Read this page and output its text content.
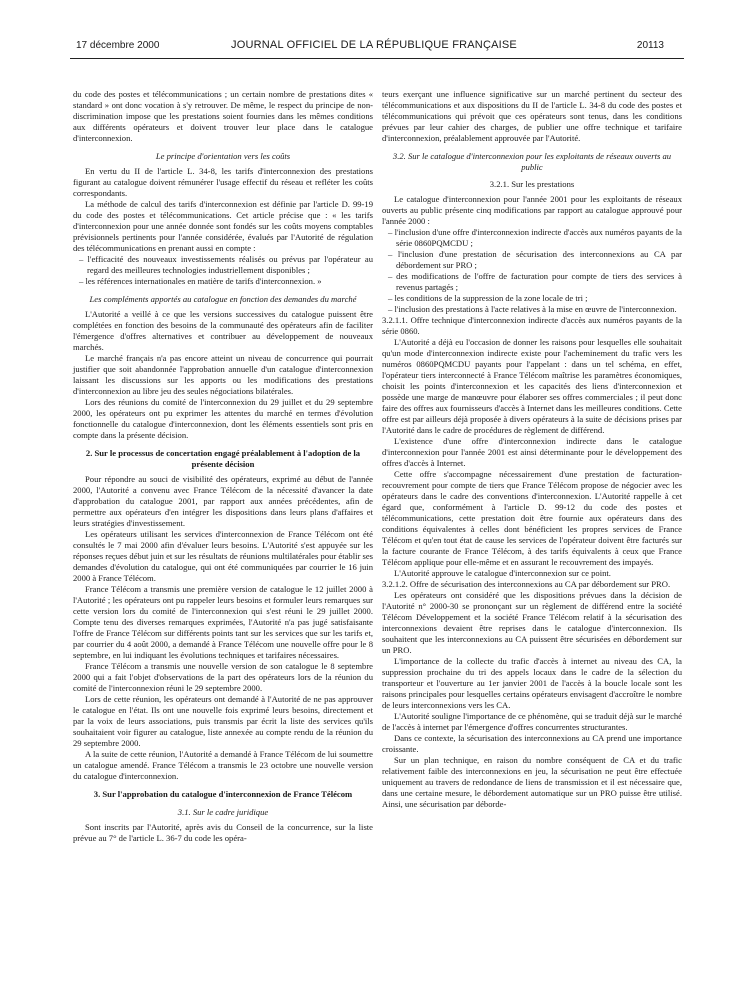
17 décembre 2000	JOURNAL OFFICIEL DE LA RÉPUBLIQUE FRANÇAISE	20113

du code des postes et télécommunications ; un certain nombre de prestations dites « standard » ont donc vocation à s'y retrouver. De même, le respect du principe de non-discrimination impose que les prestations soient fournies dans les mêmes conditions aux différents opérateurs et doivent trouver leur place dans le catalogue d'interconnexion.

Le principe d'orientation vers les coûts

En vertu du II de l'article L. 34-8, les tarifs d'interconnexion des prestations figurant au catalogue doivent rémunérer l'usage effectif du réseau et refléter les coûts correspondants.

La méthode de calcul des tarifs d'interconnexion est définie par l'article D. 99-19 du code des postes et télécommunications. Cet article précise que : « les tarifs d'interconnexion pour une année donnée sont fondés sur les coûts moyens comptables prévisionnels pertinents pour l'année considérée, évalués par l'Autorité de régulation des télécommunications en prenant aussi en compte :

– l'efficacité des nouveaux investissements réalisés ou prévus par l'opérateur au regard des meilleures technologies industriellement disponibles ;
– les références internationales en matière de tarifs d'interconnexion. »

Les compléments apportés au catalogue en fonction des demandes du marché

L'Autorité a veillé à ce que les versions successives du catalogue puissent être complétées en fonction des besoins de la communauté des opérateurs afin de faciliter l'émergence d'offres alternatives et contribuer au développement de nouveaux marchés.

Le marché français n'a pas encore atteint un niveau de concurrence qui pourrait justifier que soit abandonnée l'approbation annuelle d'un catalogue d'interconnexion laissant les discussions sur les apports ou les modifications des prestations d'interconnexion au libre jeu des seules négociations bilatérales.

Lors des réunions du comité de l'interconnexion du 29 juillet et du 29 septembre 2000, les opérateurs ont pu exprimer les attentes du marché en termes d'évolution fonctionnelle du catalogue d'interconnexion, dont les éléments essentiels sont pris en compte dans la présente décision.

2. Sur le processus de concertation engagé préalablement à l'adoption de la présente décision

Pour répondre au souci de visibilité des opérateurs, exprimé au début de l'année 2000, l'Autorité a convenu avec France Télécom de la nécessité d'avancer la date d'approbation du catalogue 2001, par rapport aux années précédentes, afin de permettre aux opérateurs d'en intégrer les dispositions dans leurs plans d'affaires et leurs stratégies d'investissement.

Les opérateurs utilisant les services d'interconnexion de France Télécom ont été consultés le 7 mai 2000 afin d'évaluer leurs besoins. L'Autorité s'est appuyée sur les réponses reçues début juin et sur les résultats de réunions multilatérales pour établir ses demandes d'évolution du catalogue, qui ont été communiquées par courrier le 16 juin 2000 à France Télécom.

France Télécom a transmis une première version de catalogue le 12 juillet 2000 à l'Autorité ; les opérateurs ont pu rappeler leurs besoins et formuler leurs remarques sur cette version lors du comité de l'interconnexion qui s'est réuni le 29 juillet 2000. Compte tenu des diverses remarques exprimées, l'Autorité n'a pas jugé satisfaisante l'offre de France Télécom sur différents points tant sur les services que sur les tarifs et, par courrier du 4 août 2000, a demandé à France Télécom une nouvelle offre pour le 8 septembre, en lui indiquant les évolutions techniques et tarifaires nécessaires.

France Télécom a transmis une nouvelle version de son catalogue le 8 septembre 2000 qui a fait l'objet d'observations de la part des opérateurs lors de la réunion du comité de l'interconnexion réuni le 29 septembre 2000.

Lors de cette réunion, les opérateurs ont demandé à l'Autorité de ne pas approuver le catalogue en l'état. Ils ont une nouvelle fois exprimé leurs besoins, directement et par la voix de leurs associations, puis transmis par écrit la liste des services qu'ils souhaitaient voir figurer au catalogue, liste annexée au compte rendu de la réunion du 29 septembre 2000.

A la suite de cette réunion, l'Autorité a demandé à France Télécom de lui soumettre un catalogue amendé. France Télécom a transmis le 23 octobre une nouvelle version du catalogue d'interconnexion.

3. Sur l'approbation du catalogue d'interconnexion de France Télécom

3.1. Sur le cadre juridique

Sont inscrits par l'Autorité, après avis du Conseil de la concurrence, sur la liste prévue au 7° de l'article L. 36-7 du code les opéra-

teurs exerçant une influence significative sur un marché pertinent du secteur des télécommunications et aux dispositions du II de l'article L. 34-8 du code des postes et télécommunications qui prévoit que ces opérateurs sont tenus, dans les conditions prévues par leur cahier des charges, de publier une offre technique et tarifaire d'interconnexion, préalablement approuvée par l'Autorité.

3.2. Sur le catalogue d'interconnexion pour les exploitants de réseaux ouverts au public

3.2.1. Sur les prestations

Le catalogue d'interconnexion pour l'année 2001 pour les exploitants de réseaux ouverts au public présente cinq modifications par rapport au catalogue approuvé pour l'année 2000 :

– l'inclusion d'une offre d'interconnexion indirecte d'accès aux numéros payants de la série 0860PQMCDU ;
– l'inclusion d'une prestation de sécurisation des interconnexions au CA par débordement sur PRO ;
– des modifications de l'offre de facturation pour compte de tiers des services à revenus partagés ;
– les conditions de la suppression de la zone locale de tri ;
– l'inclusion des prestations à l'acte relatives à la mise en œuvre de l'interconnexion.

3.2.1.1. Offre technique d'interconnexion indirecte d'accès aux numéros payants de la série 0860.

L'Autorité a déjà eu l'occasion de donner les raisons pour lesquelles elle souhaitait qu'un mode d'interconnexion indirecte existe pour l'acheminement du trafic vers les numéros 0860PQMCDU payants pour l'appelant : dans un tel schéma, en effet, l'opérateur tiers interconnecté à France Télécom maîtrise les paramètres économiques, choisit les points d'interconnexion et les capacités des liens d'interconnexion et possède une marge de manœuvre pour élaborer ses offres commerciales ; il peut donc faire des offres aux fournisseurs d'accès à Internet dans les meilleures conditions. Cette offre est par ailleurs déjà proposée à divers opérateurs à la suite de décisions prises par l'Autorité dans le cadre de procédures de règlement de différend.

L'existence d'une offre d'interconnexion indirecte dans le catalogue d'interconnexion pour l'année 2001 est ainsi déterminante pour le développement des offres d'accès à Internet.

Cette offre s'accompagne nécessairement d'une prestation de facturation-recouvrement pour compte de tiers que France Télécom propose de négocier avec les opérateurs dans le cadre des conventions d'interconnexion. L'Autorité rappelle à cet égard que, conformément à l'article D. 99-12 du code des postes et télécommunications, cette prestation doit être fournie aux opérateurs dans des conditions équivalentes à celles dont bénéficient les propres services de France Télécom et qu'en tout état de cause les services de l'opérateur doivent être facturés sur la facture courante de France Télécom, à des tarifs équivalents à ceux que France Télécom applique pour elle-même et en assurant le recouvrement des impayés.

L'Autorité approuve le catalogue d'interconnexion sur ce point.

3.2.1.2. Offre de sécurisation des interconnexions au CA par débordement sur PRO.

Les opérateurs ont considéré que les dispositions prévues dans la décision de l'Autorité n° 2000-30 se prononçant sur un règlement de différend entre la société Télécom Développement et la société France Télécom relatif à la sécurisation des interconnexions devaient être reprises dans le catalogue d'interconnexion. Ils souhaitent que les interconnexions au CA puissent être sécurisées en débordement sur un PRO.

L'importance de la collecte du trafic d'accès à internet au niveau des CA, la suppression prochaine du tri des appels locaux dans le cadre de la sélection du transporteur et l'ouverture au 1er janvier 2001 de l'accès à la boucle locale sont les raisons principales pour lesquelles certains opérateurs envisagent d'accroître le nombre de leurs interconnexions vers les CA.

L'Autorité souligne l'importance de ce phénomène, qui se traduit déjà sur le marché de l'accès à internet par l'émergence d'offres concurrentes structurantes.

Dans ce contexte, la sécurisation des interconnexions au CA prend une importance croissante.

Sur un plan technique, en raison du nombre conséquent de CA et du trafic relativement faible des interconnexions en jeu, la sécurisation ne peut être effectuée uniquement au travers de redondance de liens de transmission et il est nécessaire que, dans une certaine mesure, le débordement automatique sur un PRO puisse être utilisé. Ainsi, une sécurisation par déborde-
